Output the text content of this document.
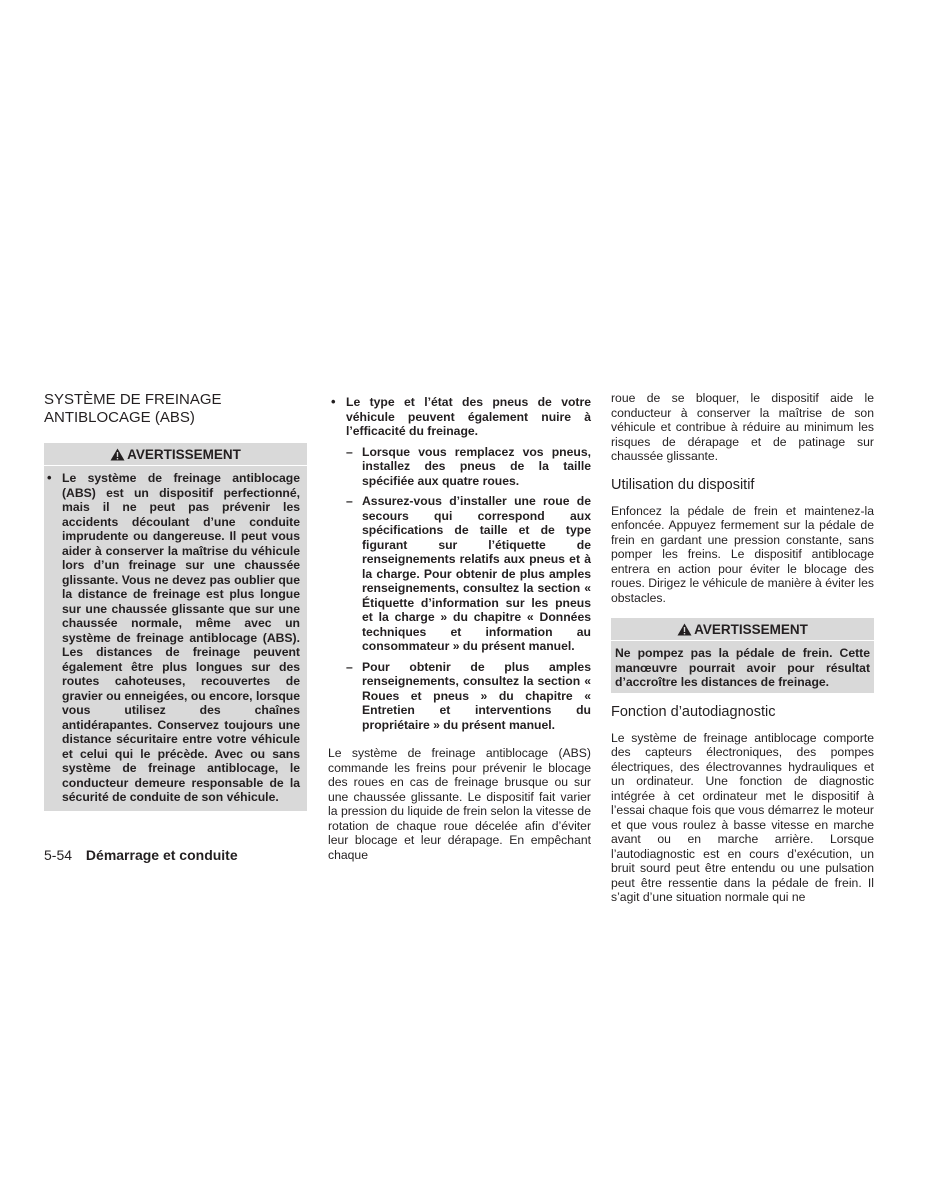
SYSTÈME DE FREINAGE
ANTIBLOCAGE (ABS)
AVERTISSEMENT

• Le système de freinage antiblocage (ABS) est un dispositif perfectionné, mais il ne peut pas prévenir les accidents découlant d’une conduite imprudente ou dangereuse. Il peut vous aider à conserver la maîtrise du véhicule lors d’un freinage sur une chaussée glissante. Vous ne devez pas oublier que la distance de freinage est plus longue sur une chaussée glissante que sur une chaussée normale, même avec un système de freinage antiblocage (ABS). Les distances de freinage peuvent également être plus longues sur des routes cahoteuses, recouvertes de gravier ou enneigées, ou encore, lorsque vous utilisez des chaînes antidérapantes. Conservez toujours une distance sécuritaire entre votre véhicule et celui qui le précède. Avec ou sans système de freinage antiblocage, le conducteur demeure responsable de la sécurité de conduite de son véhicule.

• Le type et l’état des pneus de votre véhicule peuvent également nuire à l’efficacité du freinage.

– Lorsque vous remplacez vos pneus, installez des pneus de la taille spécifiée aux quatre roues.

– Assurez-vous d’installer une roue de secours qui correspond aux spécifications de taille et de type figurant sur l’étiquette de renseignements relatifs aux pneus et à la charge. Pour obtenir de plus amples renseignements, consultez la section « Étiquette d’information sur les pneus et la charge » du chapitre « Données techniques et information au consommateur » du présent manuel.

– Pour obtenir de plus amples renseignements, consultez la section « Roues et pneus » du chapitre « Entretien et interventions du propriétaire » du présent manuel.

Le système de freinage antiblocage (ABS) commande les freins pour prévenir le blocage des roues en cas de freinage brusque ou sur une chaussée glissante. Le dispositif fait varier la pression du liquide de frein selon la vitesse de rotation de chaque roue décelée afin d’éviter leur blocage et leur dérapage. En empêchant chaque

roue de se bloquer, le dispositif aide le conducteur à conserver la maîtrise de son véhicule et contribue à réduire au minimum les risques de dérapage et de patinage sur chaussée glissante.

Utilisation du dispositif

Enfoncez la pédale de frein et maintenez-la enfoncée. Appuyez fermement sur la pédale de frein en gardant une pression constante, sans pomper les freins. Le dispositif antiblocage entrera en action pour éviter le blocage des roues. Dirigez le véhicule de manière à éviter les obstacles.

AVERTISSEMENT

Ne pompez pas la pédale de frein. Cette manœuvre pourrait avoir pour résultat d’accroître les distances de freinage.

Fonction d’autodiagnostic

Le système de freinage antiblocage comporte des capteurs électroniques, des pompes électriques, des électrovannes hydrauliques et un ordinateur. Une fonction de diagnostic intégrée à cet ordinateur met le dispositif à l’essai chaque fois que vous démarrez le moteur et que vous roulez à basse vitesse en marche avant ou en marche arrière. Lorsque l’autodiagnostic est en cours d’exécution, un bruit sourd peut être entendu ou une pulsation peut être ressentie dans la pédale de frein. Il s’agit d’une situation normale qui ne

5-54 Démarrage et conduite
